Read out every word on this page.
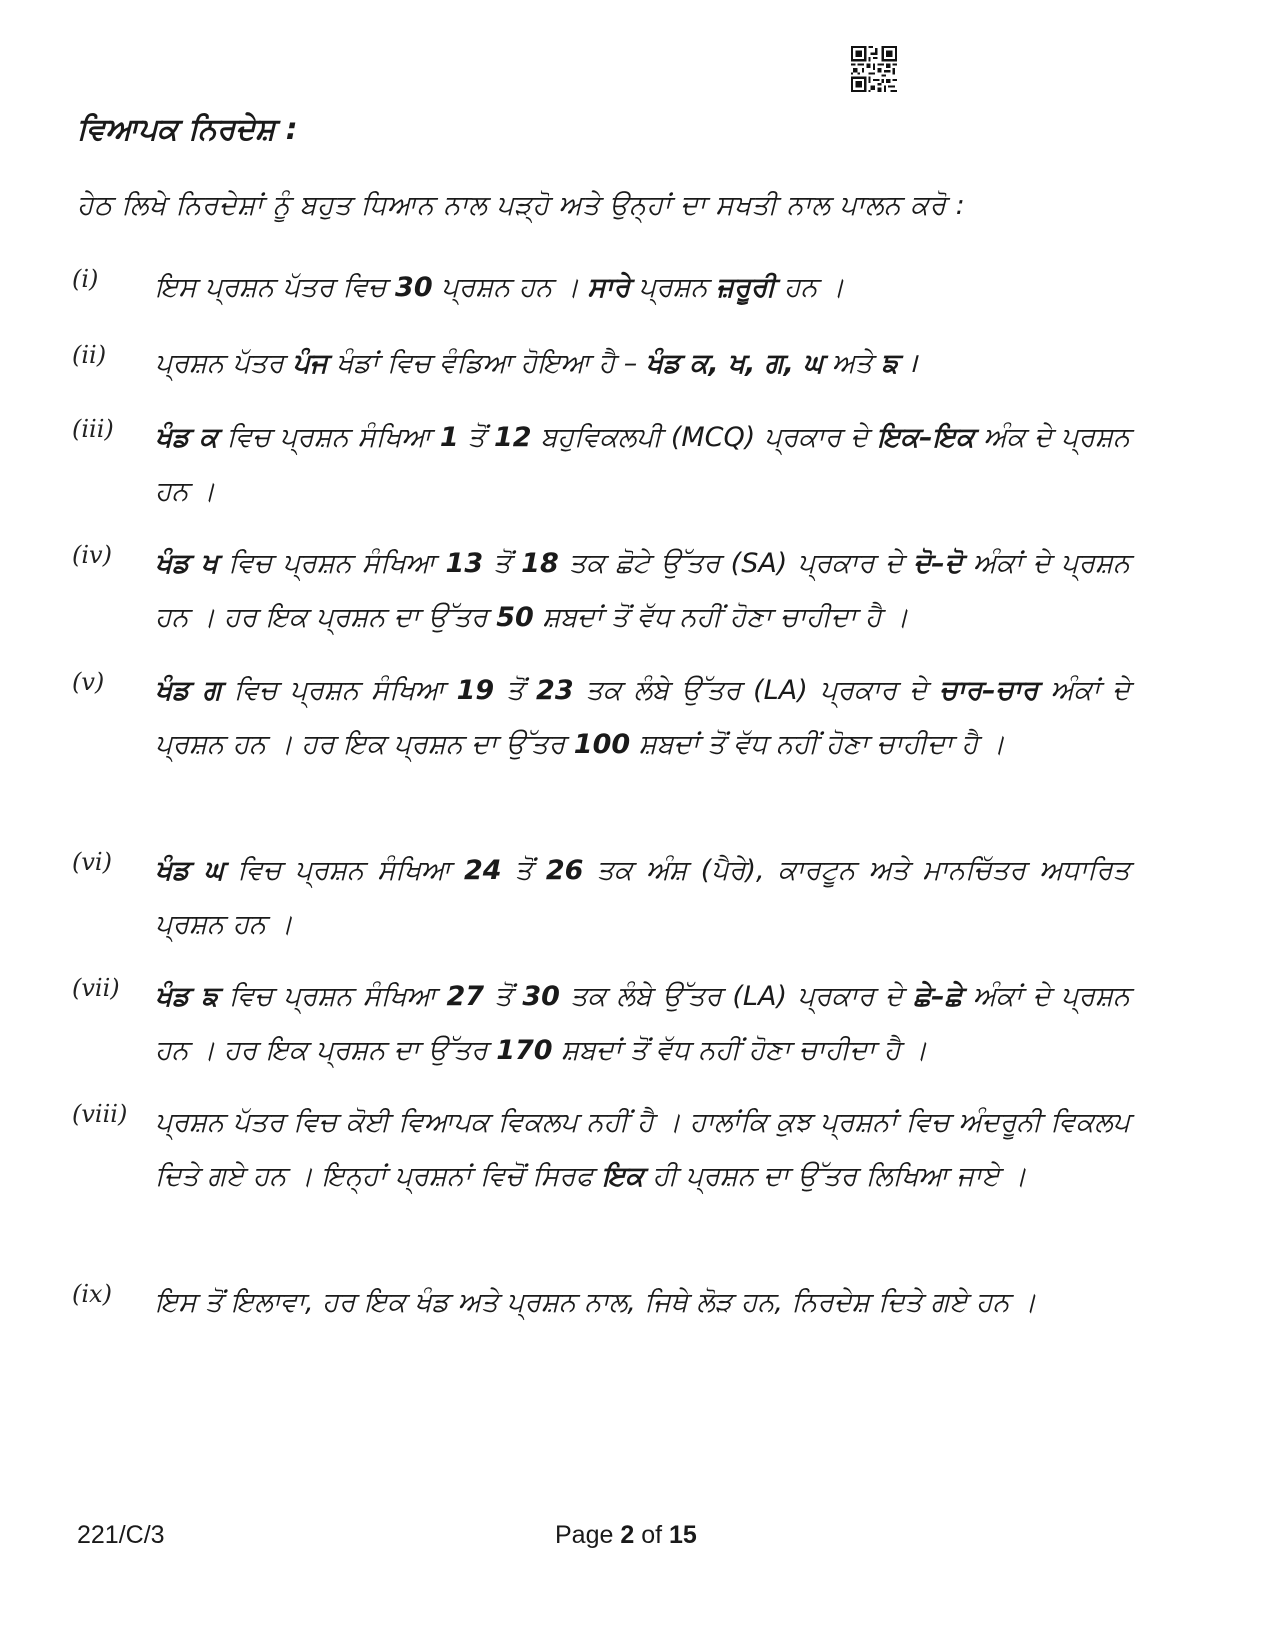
ਵਿਆਪਕ ਨਿਰਦੇਸ਼ :
ਹੇਠ ਲਿਖੇ ਨਿਰਦੇਸ਼ਾਂ ਨੂੰ ਬਹੁਤ ਧਿਆਨ ਨਾਲ ਪੜ੍ਹੋ ਅਤੇ ਉਨ੍ਹਾਂ ਦਾ ਸਖਤੀ ਨਾਲ ਪਾਲਨ ਕਰੋ :
(i) ਇਸ ਪ੍ਰਸ਼ਨ ਪੱਤਰ ਵਿਚ 30 ਪ੍ਰਸ਼ਨ ਹਨ । ਸਾਰੇ ਪ੍ਰਸ਼ਨ ਜ਼ਰੂਰੀ ਹਨ ।
(ii) ਪ੍ਰਸ਼ਨ ਪੱਤਰ ਪੰਜ ਖੰਡਾਂ ਵਿਚ ਵੰਡਿਆ ਹੋਇਆ ਹੈ – ਖੰਡ ਕ, ਖ, ਗ, ਘ ਅਤੇ ਙ ।
(iii) ਖੰਡ ਕ ਵਿਚ ਪ੍ਰਸ਼ਨ ਸੰਖਿਆ 1 ਤੋਂ 12 ਬਹੁਵਿਕਲਪੀ (MCQ) ਪ੍ਰਕਾਰ ਦੇ ਇਕ–ਇਕ ਅੰਕ ਦੇ ਪ੍ਰਸ਼ਨ ਹਨ ।
(iv) ਖੰਡ ਖ ਵਿਚ ਪ੍ਰਸ਼ਨ ਸੰਖਿਆ 13 ਤੋਂ 18 ਤਕ ਛੋਟੇ ਉੱਤਰ (SA) ਪ੍ਰਕਾਰ ਦੇ ਦੋ–ਦੋ ਅੰਕਾਂ ਦੇ ਪ੍ਰਸ਼ਨ ਹਨ । ਹਰ ਇਕ ਪ੍ਰਸ਼ਨ ਦਾ ਉੱਤਰ 50 ਸ਼ਬਦਾਂ ਤੋਂ ਵੱਧ ਨਹੀਂ ਹੋਣਾ ਚਾਹੀਦਾ ਹੈ ।
(v) ਖੰਡ ਗ ਵਿਚ ਪ੍ਰਸ਼ਨ ਸੰਖਿਆ 19 ਤੋਂ 23 ਤਕ ਲੰਬੇ ਉੱਤਰ (LA) ਪ੍ਰਕਾਰ ਦੇ ਚਾਰ–ਚਾਰ ਅੰਕਾਂ ਦੇ ਪ੍ਰਸ਼ਨ ਹਨ । ਹਰ ਇਕ ਪ੍ਰਸ਼ਨ ਦਾ ਉੱਤਰ 100 ਸ਼ਬਦਾਂ ਤੋਂ ਵੱਧ ਨਹੀਂ ਹੋਣਾ ਚਾਹੀਦਾ ਹੈ ।
(vi) ਖੰਡ ਘ ਵਿਚ ਪ੍ਰਸ਼ਨ ਸੰਖਿਆ 24 ਤੋਂ 26 ਤਕ ਅੰਸ਼ (ਪੈਰੇ), ਕਾਰਟੂਨ ਅਤੇ ਮਾਨਚਿੱਤਰ ਅਧਾਰਿਤ ਪ੍ਰਸ਼ਨ ਹਨ ।
(vii) ਖੰਡ ਙ ਵਿਚ ਪ੍ਰਸ਼ਨ ਸੰਖਿਆ 27 ਤੋਂ 30 ਤਕ ਲੰਬੇ ਉੱਤਰ (LA) ਪ੍ਰਕਾਰ ਦੇ ਛੇ–ਛੇ ਅੰਕਾਂ ਦੇ ਪ੍ਰਸ਼ਨ ਹਨ । ਹਰ ਇਕ ਪ੍ਰਸ਼ਨ ਦਾ ਉੱਤਰ 170 ਸ਼ਬਦਾਂ ਤੋਂ ਵੱਧ ਨਹੀਂ ਹੋਣਾ ਚਾਹੀਦਾ ਹੈ ।
(viii) ਪ੍ਰਸ਼ਨ ਪੱਤਰ ਵਿਚ ਕੋਈ ਵਿਆਪਕ ਵਿਕਲਪ ਨਹੀਂ ਹੈ । ਹਾਲਾਂਕਿ ਕੁਝ ਪ੍ਰਸ਼ਨਾਂ ਵਿਚ ਅੰਦਰੂਨੀ ਵਿਕਲਪ ਦਿਤੇ ਗਏ ਹਨ । ਇਨ੍ਹਾਂ ਪ੍ਰਸ਼ਨਾਂ ਵਿਚੋਂ ਸਿਰਫ ਇਕ ਹੀ ਪ੍ਰਸ਼ਨ ਦਾ ਉੱਤਰ ਲਿਖਿਆ ਜਾਏ ।
(ix) ਇਸ ਤੋਂ ਇਲਾਵਾ, ਹਰ ਇਕ ਖੰਡ ਅਤੇ ਪ੍ਰਸ਼ਨ ਨਾਲ, ਜਿਥੇ ਲੋੜ ਹਨ, ਨਿਰਦੇਸ਼ ਦਿਤੇ ਗਏ ਹਨ ।
221/C/3	Page 2 of 15
